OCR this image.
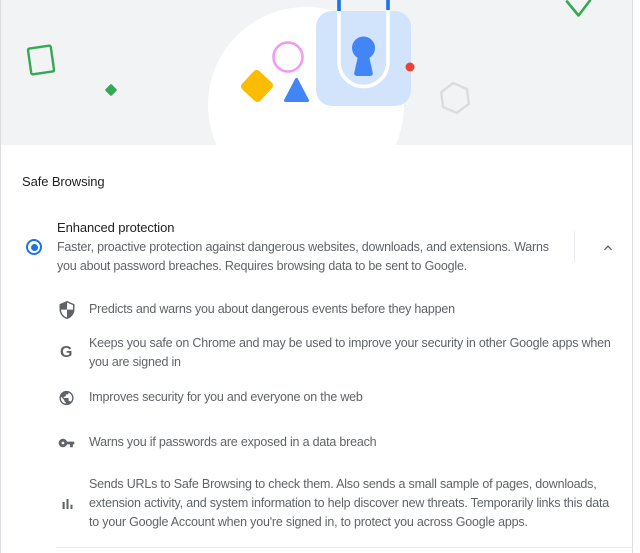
Safe Browsing
Enhanced protection
Faster, proactive protection against dangerous websites, downloads, and extensions. Warns you about password breaches. Requires browsing data to be sent to Google.
Predicts and warns you about dangerous events before they happen
G
Keeps you safe on Chrome and may be used to improve your security in other Google apps when you are signed in
Improves security for you and everyone on the web
Warns you if passwords are exposed in a data breach
Sends URLs to Safe Browsing to check them. Also sends a small sample of pages, downloads, extension activity, and system information to help discover new threats. Temporarily links this data to your Google Account when you're signed in, to protect you across Google apps.
